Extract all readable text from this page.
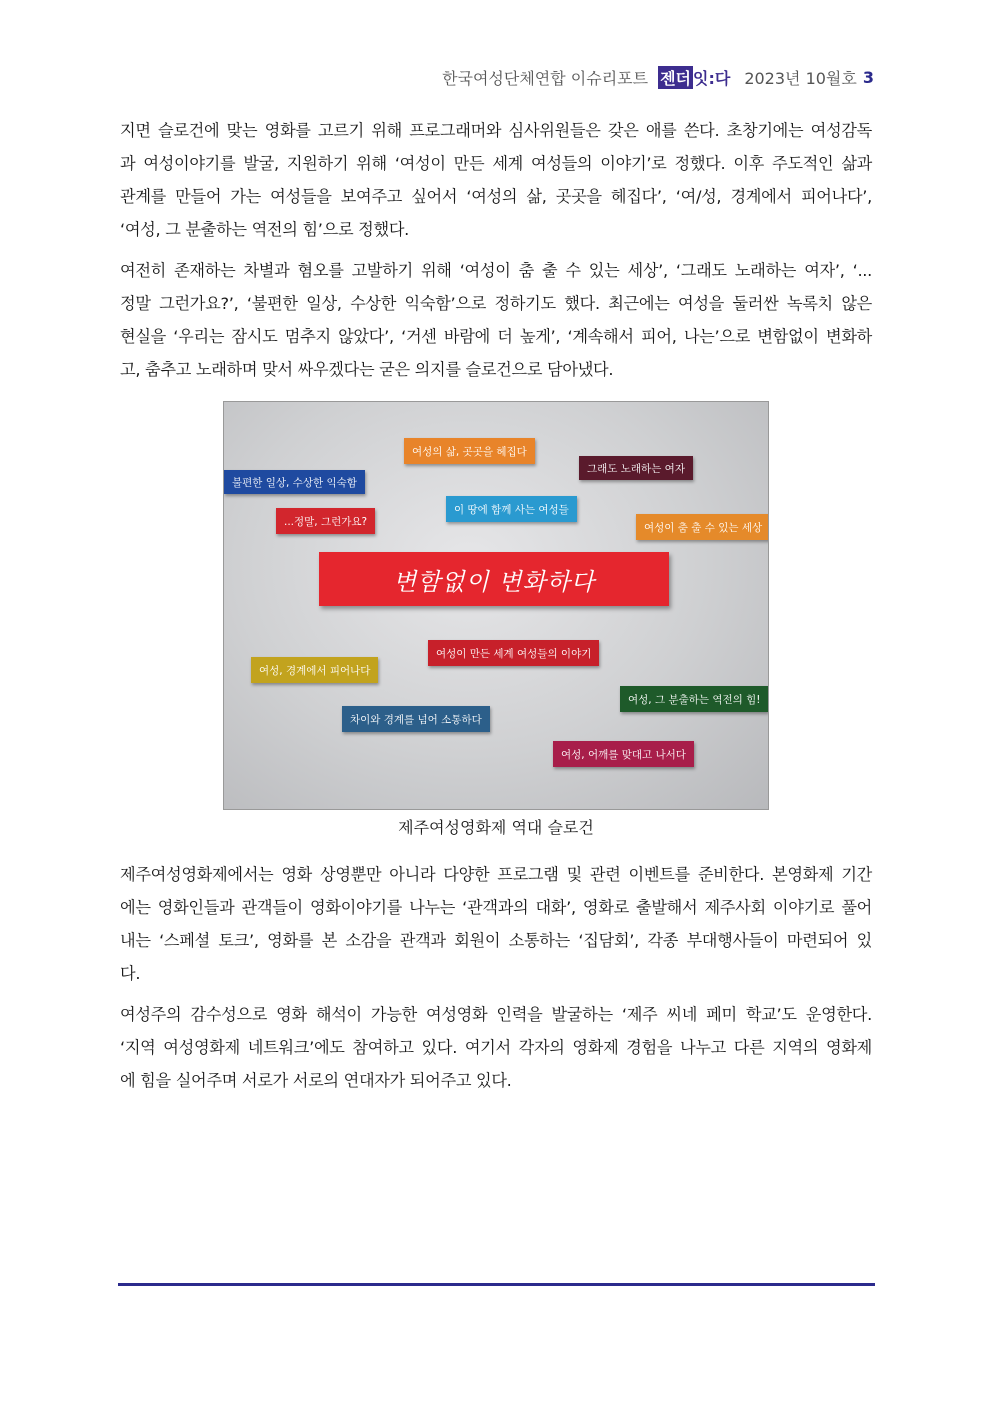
한국여성단체연합 이슈리포트 젠더 잇:다 2023년 10월호 3

지면 슬로건에 맞는 영화를 고르기 위해 프로그래머와 심사위원들은 갖은 애를 쓴다. 초창기에는 여성감독
과 여성이야기를 발굴, 지원하기 위해 ‘여성이 만든 세계 여성들의 이야기’로 정했다. 이후 주도적인 삶과
관계를 만들어 가는 여성들을 보여주고 싶어서 ‘여성의 삶, 곳곳을 헤집다’, ‘여/성, 경계에서 피어나다’,
‘여성, 그 분출하는 역전의 힘’으로 정했다.

여전히 존재하는 차별과 혐오를 고발하기 위해 ‘여성이 춤 출 수 있는 세상’, ‘그래도 노래하는 여자’, ‘...
정말 그런가요?’, ‘불편한 일상, 수상한 익숙함’으로 정하기도 했다. 최근에는 여성을 둘러싼 녹록치 않은
현실을 ‘우리는 잠시도 멈추지 않았다’, ‘거센 바람에 더 높게’, ‘계속해서 피어, 나는’으로 변함없이 변화하
고, 춤추고 노래하며 맞서 싸우겠다는 굳은 의지를 슬로건으로 담아냈다.

여성의 삶, 곳곳을 헤집다
그래도 노래하는 여자
불편한 일상, 수상한 익숙함
이 땅에 함께 사는 여성들
...정말, 그런가요?	여성이 춤 출 수 있는 세상
변함없이 변화하다
여성이 만든 세계 여성들의 이야기
여성, 경계에서 피어나다
여성, 그 분출하는 역전의 힘!
차이와 경계를 넘어 소통하다
여성, 어깨를 맞대고 나서다
제주여성영화제 역대 슬로건

제주여성영화제에서는 영화 상영뿐만 아니라 다양한 프로그램 및 관련 이벤트를 준비한다. 본영화제 기간
에는 영화인들과 관객들이 영화이야기를 나누는 ‘관객과의 대화’, 영화로 출발해서 제주사회 이야기로 풀어
내는 ‘스페셜 토크’, 영화를 본 소감을 관객과 회원이 소통하는 ‘집담회’, 각종 부대행사들이 마련되어 있
다.

여성주의 감수성으로 영화 해석이 가능한 여성영화 인력을 발굴하는 ‘제주 씨네 페미 학교’도 운영한다.
‘지역 여성영화제 네트워크’에도 참여하고 있다. 여기서 각자의 영화제 경험을 나누고 다른 지역의 영화제
에 힘을 실어주며 서로가 서로의 연대자가 되어주고 있다.
